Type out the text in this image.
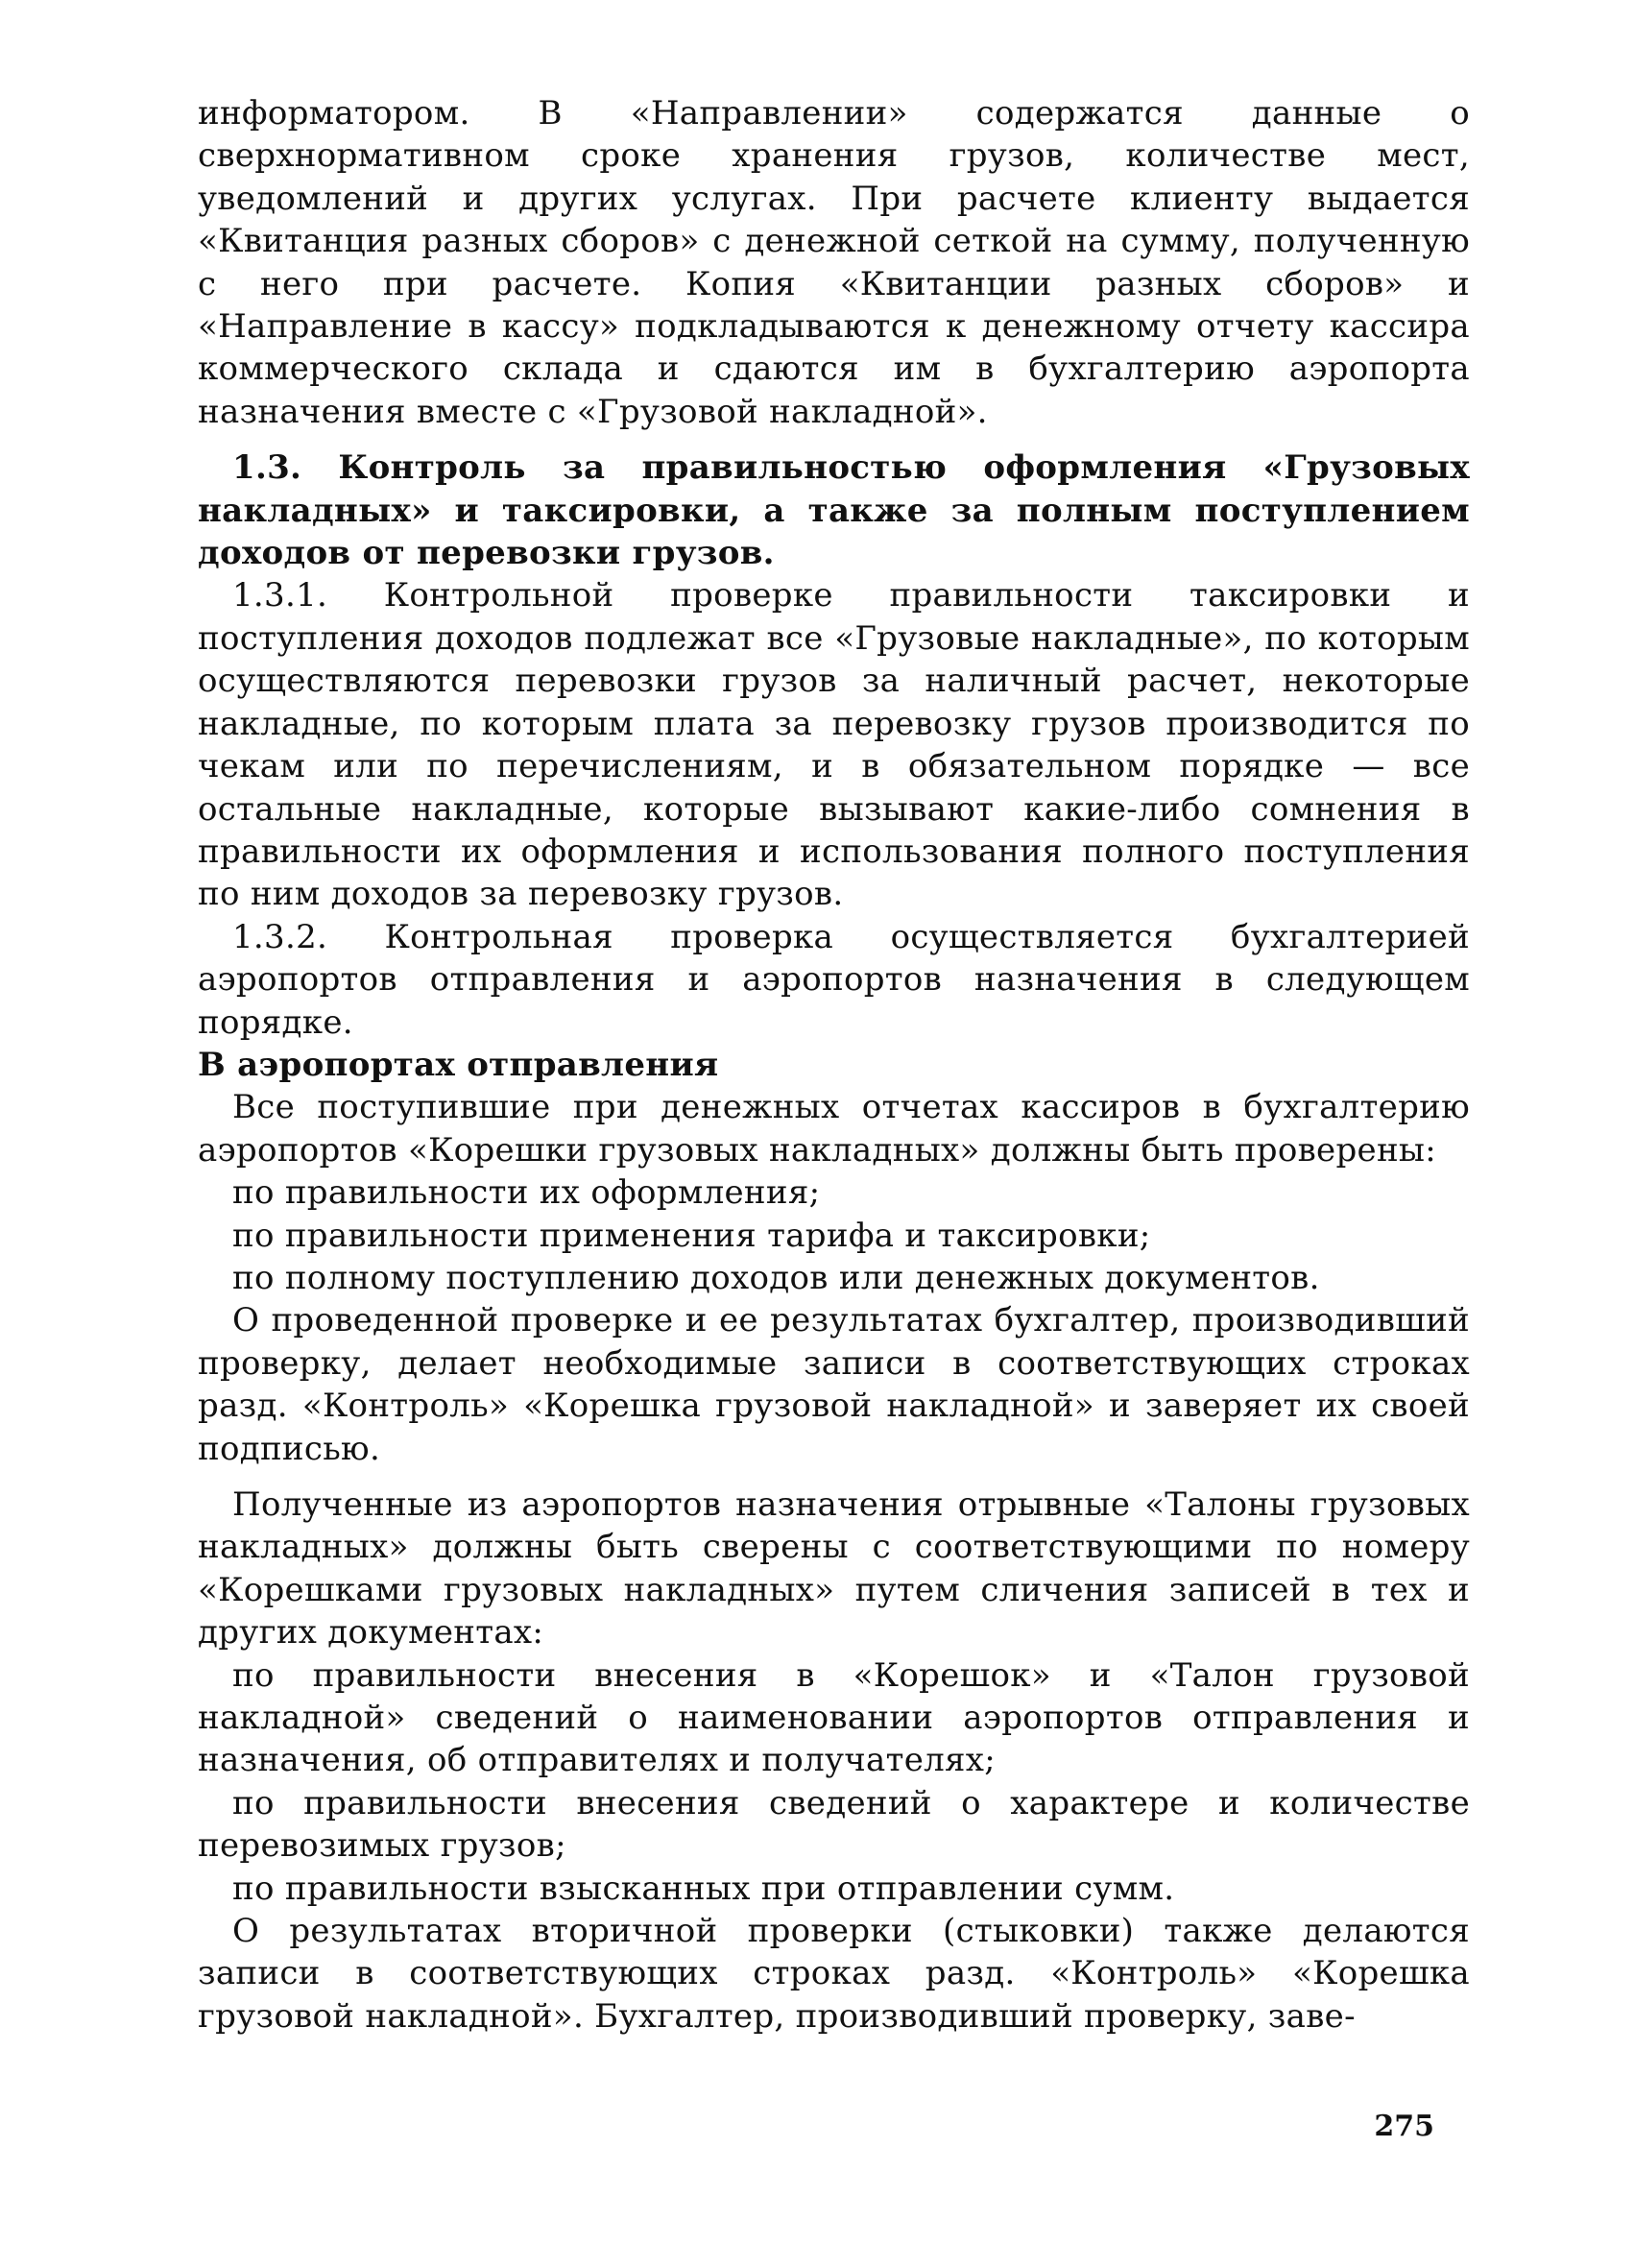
информатором. В «Направлении» содержатся данные о сверхнормативном сроке хранения грузов, количестве мест, уведомлений и других услугах. При расчете клиенту выдается «Квитанция разных сборов» с денежной сеткой на сумму, полученную с него при расчете. Копия «Квитанции разных сборов» и «Направление в кассу» подкладываются к денежному отчету кассира коммерческого склада и сдаются им в бухгалтерию аэропорта назначения вместе с «Грузовой накладной».

1.3. Контроль за правильностью оформления «Грузовых накладных» и таксировки, а также за полным поступлением доходов от перевозки грузов.

1.3.1. Контрольной проверке правильности таксировки и поступления доходов подлежат все «Грузовые накладные», по которым осуществляются перевозки грузов за наличный расчет, некоторые накладные, по которым плата за перевозку грузов производится по чекам или по перечислениям, и в обязательном порядке — все остальные накладные, которые вызывают какие-либо сомнения в правильности их оформления и использования полного поступления по ним доходов за перевозку грузов.

1.3.2. Контрольная проверка осуществляется бухгалтерией аэропортов отправления и аэропортов назначения в следующем порядке.

В аэропортах отправления

Все поступившие при денежных отчетах кассиров в бухгалтерию аэропортов «Корешки грузовых накладных» должны быть проверены:

по правильности их оформления;

по правильности применения тарифа и таксировки;

по полному поступлению доходов или денежных документов.

О проведенной проверке и ее результатах бухгалтер, производивший проверку, делает необходимые записи в соответствующих строках разд. «Контроль» «Корешка грузовой накладной» и заверяет их своей подписью.

Полученные из аэропортов назначения отрывные «Талоны грузовых накладных» должны быть сверены с соответствующими по номеру «Корешками грузовых накладных» путем сличения записей в тех и других документах:

по правильности внесения в «Корешок» и «Талон грузовой накладной» сведений о наименовании аэропортов отправления и назначения, об отправителях и получателях;

по правильности внесения сведений о характере и количестве перевозимых грузов;

по правильности взысканных при отправлении сумм.

О результатах вторичной проверки (стыковки) также делаются записи в соответствующих строках разд. «Контроль» «Корешка грузовой накладной». Бухгалтер, производивший проверку, заве-

275
